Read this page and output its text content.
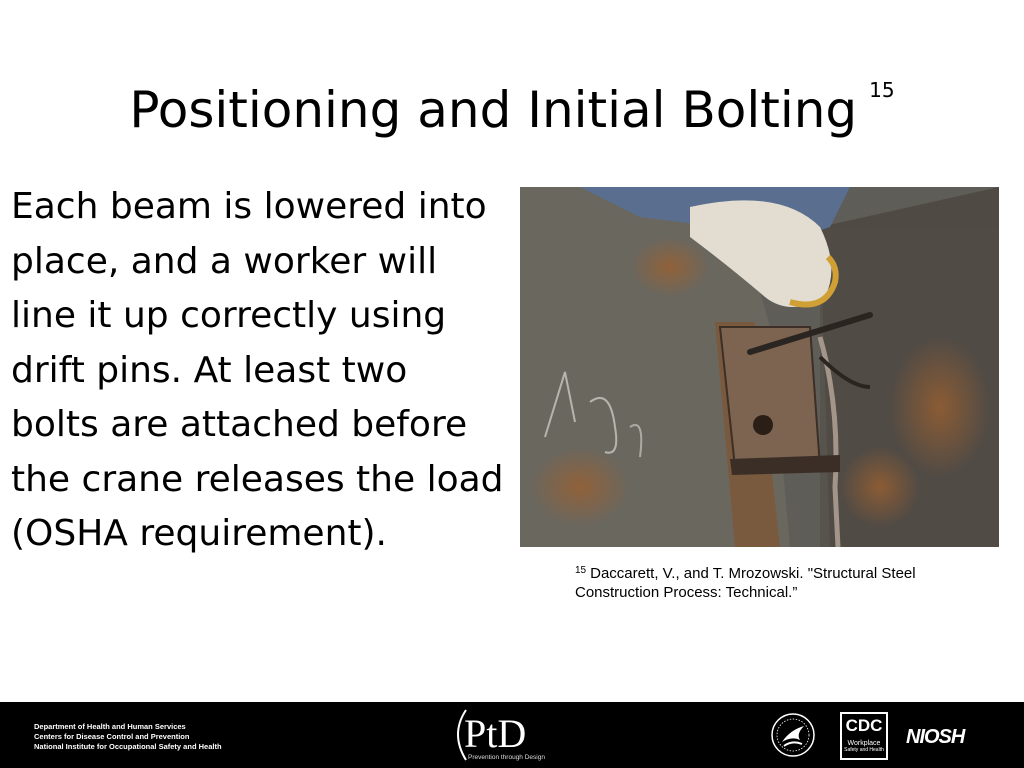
Positioning and Initial Bolting $^{15}$
Each beam is lowered into
place, and a worker will
line it up correctly using
drift pins. At least two
bolts are attached before
the crane releases the load
(OSHA requirement).
$^{15}$ Daccarett, V., and T. Mrozowski. "Structural Steel Construction Process: Technical.”
Department of Health and Human Services
Centers for Disease Control and Prevention
National Institute for Occupational Safety and Health	PtD
Prevention through Design
CDC
Workplace
Safety and Health
NIOSH
